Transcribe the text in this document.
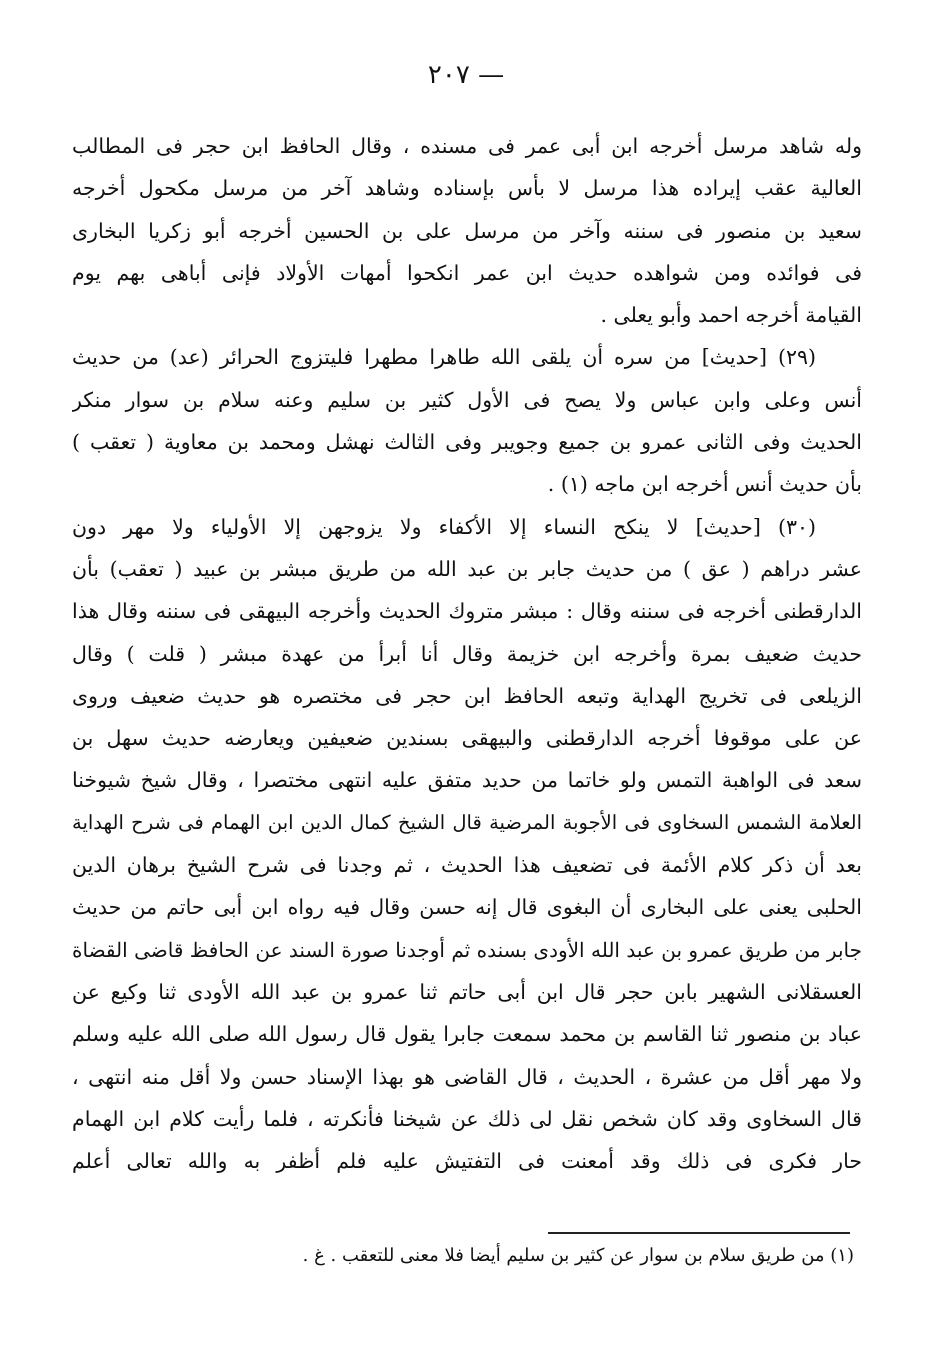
— ٢٠٧
وله شاهد مرسل أخرجه ابن أبى عمر فى مسنده ، وقال الحافظ ابن حجر فى المطالب
العالية عقب إيراده هذا مرسل لا بأس بإسناده وشاهد آخر من مرسل مكحول أخرجه
سعيد بن منصور فى سننه وآخر من مرسل على بن الحسين أخرجه أبو زكريا البخارى
فى فوائده ومن شواهده حديث ابن عمر انكحوا أمهات الأولاد فإنى أباهى بهم يوم
القيامة أخرجه احمد وأبو يعلى .
(٢٩) [حديث] من سره أن يلقى الله طاهرا مطهرا فليتزوج الحرائر (عد) من حديث
أنس وعلى وابن عباس ولا يصح فى الأول كثير بن سليم وعنه سلام بن سوار منكر
الحديث وفى الثانى عمرو بن جميع وجويبر وفى الثالث نهشل ومحمد بن معاوية ( تعقب )
بأن حديث أنس أخرجه ابن ماجه (١) .
(٣٠) [حديث] لا ينكح النساء إلا الأكفاء ولا يزوجهن إلا الأولياء ولا مهر دون
عشر دراهم ( عق ) من حديث جابر بن عبد الله من طريق مبشر بن عبيد ( تعقب) بأن
الدارقطنى أخرجه فى سننه وقال : مبشر متروك الحديث وأخرجه البيهقى فى سننه وقال هذا
حديث ضعيف بمرة وأخرجه ابن خزيمة وقال أنا أبرأ من عهدة مبشر ( قلت ) وقال
الزيلعى فى تخريج الهداية وتبعه الحافظ ابن حجر فى مختصره هو حديث ضعيف وروى
عن على موقوفا أخرجه الدارقطنى والبيهقى بسندين ضعيفين ويعارضه حديث سهل بن
سعد فى الواهبة التمس ولو خاتما من حديد متفق عليه انتهى مختصرا ، وقال شيخ شيوخنا
العلامة الشمس السخاوى فى الأجوبة المرضية قال الشيخ كمال الدين ابن الهمام فى شرح الهداية
بعد أن ذكر كلام الأئمة فى تضعيف هذا الحديث ، ثم وجدنا فى شرح الشيخ برهان الدين
الحلبى يعنى على البخارى أن البغوى قال إنه حسن وقال فيه رواه ابن أبى حاتم من حديث
جابر من طريق عمرو بن عبد الله الأودى بسنده ثم أوجدنا صورة السند عن الحافظ قاضى القضاة
العسقلانى الشهير بابن حجر قال ابن أبى حاتم ثنا عمرو بن عبد الله الأودى ثنا وكيع عن
عباد بن منصور ثنا القاسم بن محمد سمعت جابرا يقول قال رسول الله صلى الله عليه وسلم
ولا مهر أقل من عشرة ، الحديث ، قال القاضى هو بهذا الإسناد حسن ولا أقل منه انتهى ،
قال السخاوى وقد كان شخص نقل لى ذلك عن شيخنا فأنكرته ، فلما رأيت كلام ابن الهمام
حار فكرى فى ذلك وقد أمعنت فى التفتيش عليه فلم أظفر به والله تعالى أعلم
(١) من طريق سلام بن سوار عن كثير بن سليم أيضا فلا معنى للتعقب . غ .
